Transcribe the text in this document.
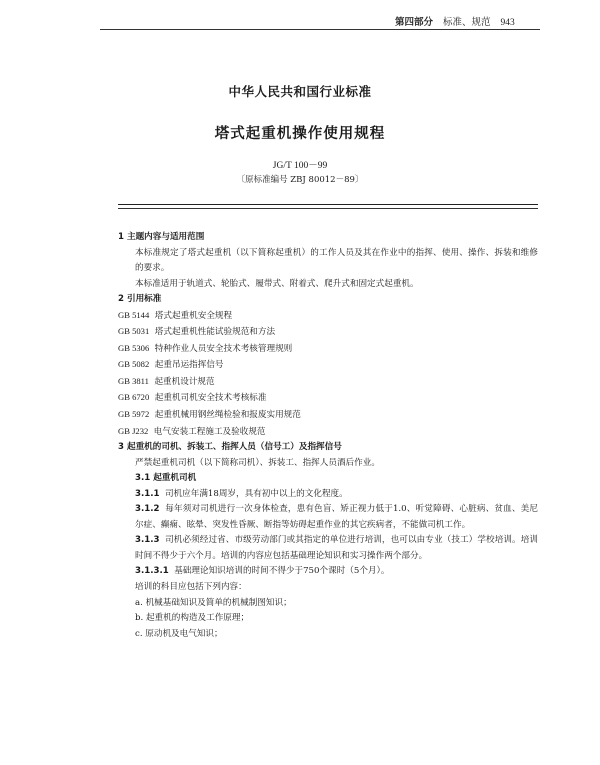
第四部分 标准、规范 943
中华人民共和国行业标准
塔式起重机操作使用规程
JG/T 100－99
〔原标准编号 ZBJ 80012－89〕
1 主题内容与适用范围
本标准规定了塔式起重机（以下简称起重机）的工作人员及其在作业中的指挥、使用、操作、拆装和维修的要求。
本标准适用于轨道式、轮胎式、履带式、附着式、爬升式和固定式起重机。
2 引用标准
GB 5144 塔式起重机安全规程
GB 5031 塔式起重机性能试验规范和方法
GB 5306 特种作业人员安全技术考核管理规则
GB 5082 起重吊运指挥信号
GB 3811 起重机设计规范
GB 6720 起重机司机安全技术考核标准
GB 5972 起重机械用钢丝绳检验和报废实用规范
GB J232 电气安装工程施工及验收规范
3 起重机的司机、拆装工、指挥人员（信号工）及指挥信号
严禁起重机司机（以下简称司机）、拆装工、指挥人员酒后作业。
3.1 起重机司机
3.1.1 司机应年满18周岁，具有初中以上的文化程度。
3.1.2 每年须对司机进行一次身体检查，患有色盲、矫正视力低于1.0、听觉障碍、心脏病、贫血、美尼尔症、癫痫、眩晕、突发性昏厥、断指等妨碍起重作业的其它疾病者，不能做司机工作。
3.1.3 司机必须经过省、市级劳动部门或其指定的单位进行培训，也可以由专业（技工）学校培训。培训时间不得少于六个月。培训的内容应包括基础理论知识和实习操作两个部分。
3.1.3.1 基础理论知识培训的时间不得少于750个课时（5个月）。
培训的科目应包括下列内容：
a. 机械基础知识及简单的机械制图知识；
b. 起重机的构造及工作原理；
c. 原动机及电气知识；
